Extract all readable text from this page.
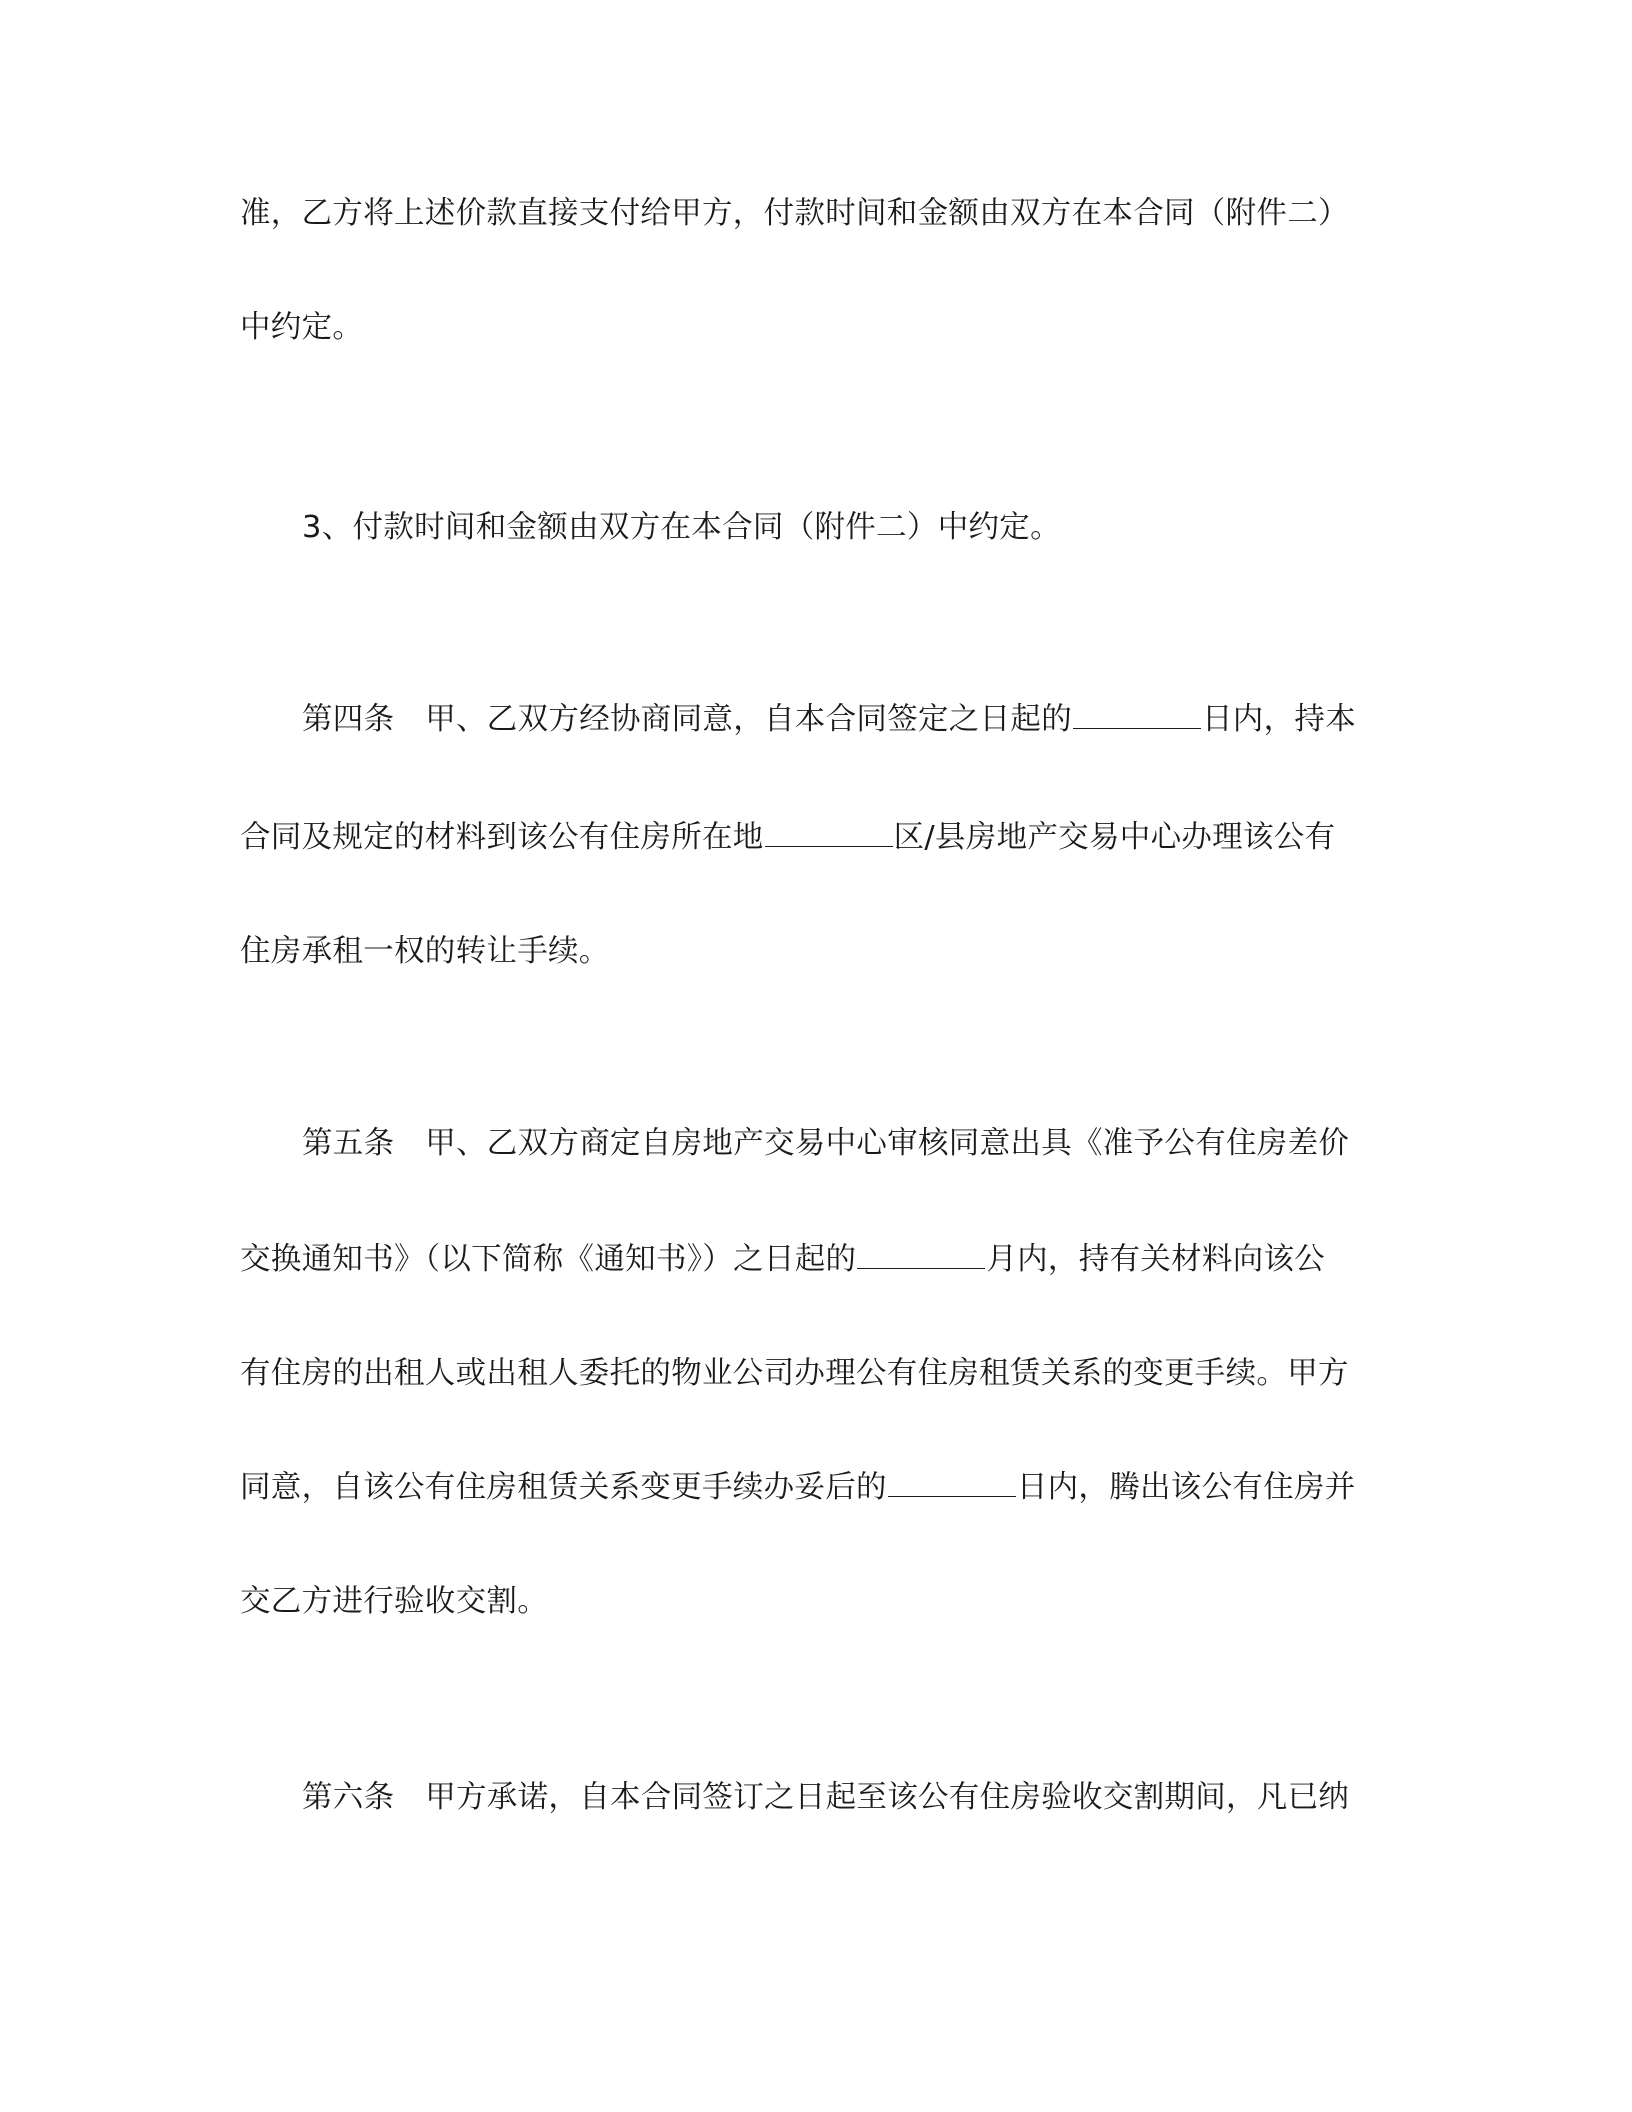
准，乙方将上述价款直接支付给甲方，付款时间和金额由双方在本合同（附件二）

中约定。

3、付款时间和金额由双方在本合同（附件二）中约定。

第四条　甲、乙双方经协商同意，自本合同签定之日起的	日内，持本

合同及规定的材料到该公有住房所在地	区/县房地产交易中心办理该公有

住房承租一权的转让手续。

第五条　甲、乙双方商定自房地产交易中心审核同意出具《准予公有住房差价

交换通知书》（以下简称《通知书》）之日起的	月内，持有关材料向该公

有住房的出租人或出租人委托的物业公司办理公有住房租赁关系的变更手续。甲方

同意，自该公有住房租赁关系变更手续办妥后的	日内，腾出该公有住房并

交乙方进行验收交割。

第六条　甲方承诺，自本合同签订之日起至该公有住房验收交割期间，凡已纳
